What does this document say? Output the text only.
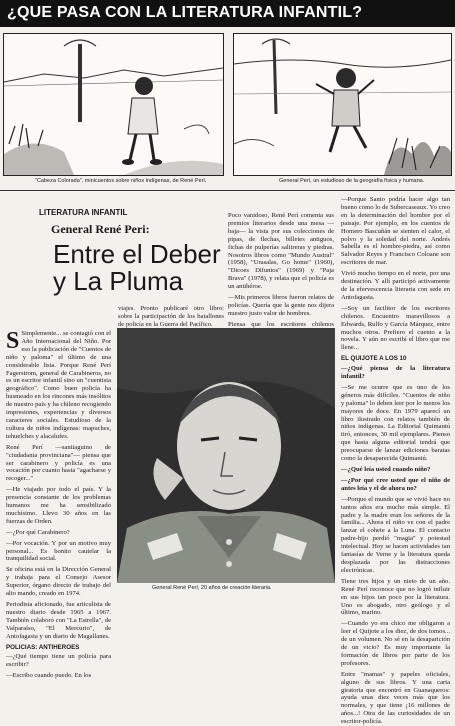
¿QUE PASA CON LA LITERATURA INFANTIL?
"Cabeza Colorada", minicuentos sobre niños indígenas, de René Perí.	General Perí, un estudioso de la geografía física y humana.
LITERATURA INFANTIL
General René Peri:
Entre el Deber y La Pluma

S Simplemente... se contagió con el Año Internacional del Niño. Por eso la publicación de "Cuentos de niño y paloma" el último de una considerable lista. Porque René Perí Fagerstrom, general de Carabineros, no es un escritor infantil sino un "cuentista geográfico". Como buen policía ha husmeado en los rincones más insólitos de nuestro país y ha chileno recogiendo impresiones, experiencias y diversos caracteres sociales. Estudioso de la cultura de niños indígenas: mapuches, tehuelches y alacalufes.

René Perí —santiaguino de "ciudadania provinciana"— piensa que ser carabinero y policía es una vocación por cuanto hasta "agacharse y recoger..."

—He viajado por todo el país. Y la presencia constante de los problemas humanos me ha sensibilizado muchísimo. Llevo 30 años en las fuerzas de Orden.

—¿Por qué Carabinero?

—Por vocación. Y por un motivo muy personal... Es bonito cautelar la tranquilidad social.

Se oficina está en la Dirección General y trabaja para el Consejo Asesor Superior, órgano directo de trabajo del alto mando, creado en 1974.

Periodista aficionado, fue articulista de nuestro diario desde 1965 a 1967. También colaboró con "La Estrella", de Valparaíso, "El Mercurio", de Antofagasta y un diario de Magallanes.

POLICIAS: ANTIHEROES

—¿Qué tiempo tiene un policía para escribir?

—Escribo cuando puedo. En los

viajes. Pronto publicaré otro libro: sobre la participación de los batallones de policía en la Guerra del Pacífico.

Poco vanidoso, René Perí comenta sus premios literarios desde una mesa —baja— la vista por sus colecciones de pipas, de flechas, billetes antiguos, fichas de pulperías salitreras y piedras. Nosotros libros como "Mundo Austral" (1958), "Urasalas, Go home" (1960), "Dicoes Difuntos" (1969) y "Paja Brava" (1978), y relata que el policía es un antihéroe.

—Mis primeros libros fueron relatos de policías. Quería que la gente nos dijera nuestro justo valor de hombres.

Piensa que los escritores chilenos

—Porque Santo podría hacer algo tan bueno como lo de Subercaseaux. Yo creo en la determinación del hombre por el paisaje. Por ejemplo, en los cuentos de Homero Bascuñán se sienten el calor, el polvo y la soledad del norte. Andrés Sabella es el hombre-piedra, así como Salvador Reyes y Francisco Coloane son escritores de mar.

Vivió mucho tiempo en el norte, por una destinación. Y allí participó activamente de la efervescencia literaria con sede en Antofagasta.

—Soy un facilitor de los escritores chilenos. Encuentro maravillosos a Edwards, Rulfo y García Márquez, entre muchos otros. Prefiero el cuento a la novela. Y aún no escribí el libro que me llene...

EL QUIJOTE A LOS 10

—¿Qué piensa de la literatura infantil?

—Se me ocurre que es uno de los géneros más difíciles. "Cuentos de niño y paloma" lo deben leer por lo menos los mayores de doce. En 1979 aparecí un libro ilustrado con relatos también de niños indígenas. La Editorial Quimantú tiró, entonces, 30 mil ejemplares. Pienso que hasta alguna editorial tendrá que preocuparse de lanzar ediciones baratas como la desaparecida Quimantú.

—¿Qué leía usted cuando niño?

—¿Por qué cree usted que el niño de antes leía y el de ahora no?

—Porque el mundo que se vivió hace no tantos años era mucho más simple. El padre y la madre eran los señores de la familia... Ahora el niño ve con el padre lanzar el cohete a la Luna. El contacto padre-hijo perdió "magia" y potestad intelectual. Hoy se hacen actividades tan fantasías de Verne y la literatura queda desplazada por las distracciones electrónicas.

Tiene tres hijos y un nieto de un año. René Perí reconoce que no logró influir en sus hijos tan poco por la literatura. Uno es abogado, otro geólogo y el último, marino.

—Cuando yo era chico me obligaron a leer el Quijote a los diez, de dos tomos... de un volumen. No sé en la desaparición de un vicio? Es muy importante la formación de libros por parte de los profesores.

Entre "mamas" y papeles oficiales, alguno de sus libros. Y una carta giratoria que encontró en Guanaqueros: ayuda unas diez veces más que los normales, y que tiene ¡16 millones de años...! Otra de las curiosidades de un escritor-policía.

General René Perí, 20 años de creación literaria.
